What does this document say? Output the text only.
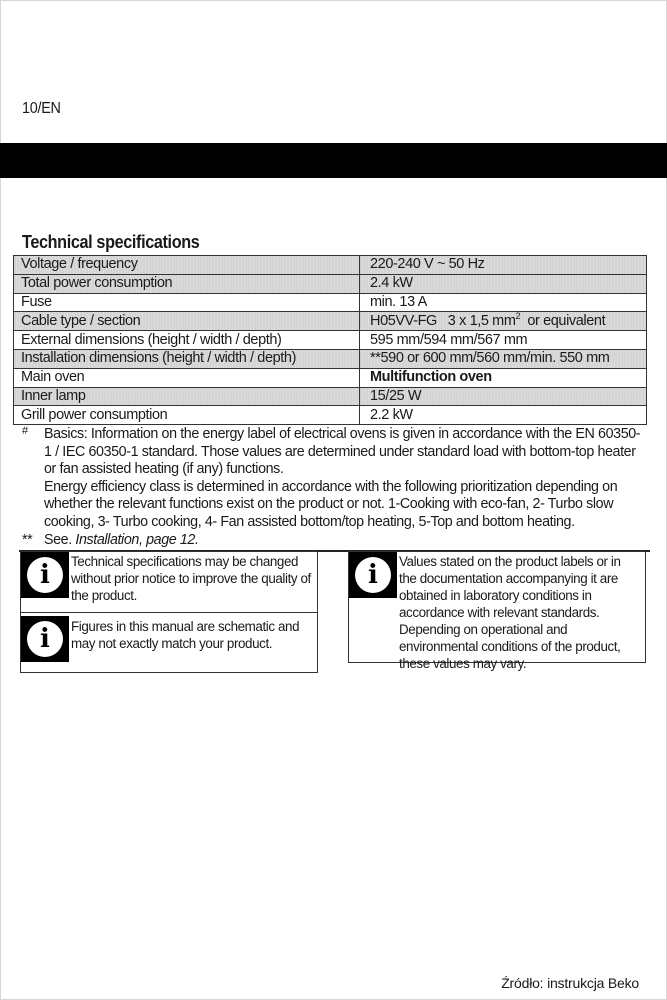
10/EN
Technical specifications
Voltage / frequency	220-240 V ~ 50 Hz
Total power consumption	2.4 kW
Fuse	min. 13 A
Cable type / section	H05VV-FG   3 x 1,5 $mm^2$  or equivalent
External dimensions (height / width / depth)	595 mm/594 mm/567 mm
Installation dimensions (height / width / depth)	**590 or 600 mm/560 mm/min. 550 mm
Main oven	Multifunction oven
Inner lamp	15/25 W
Grill power consumption	2.2 kW
# Basics: Information on the energy label of electrical ovens is given in accordance with the EN 60350-1 / IEC 60350-1 standard. Those values are determined under standard load with bottom-top heater or fan assisted heating (if any) functions.

Energy efficiency class is determined in accordance with the following prioritization depending on whether the relevant functions exist on the product or not. 1-Cooking with eco-fan, 2- Turbo slow cooking, 3- Turbo cooking, 4- Fan assisted bottom/top heating, 5-Top and bottom heating.

** See. Installation, page 12.

i	Technical specifications may be changed without prior notice to improve the quality of the product.
i	Figures in this manual are schematic and may not exactly match your product.
i	Values stated on the product labels or in the documentation accompanying it are obtained in laboratory conditions in accordance with relevant standards. Depending on operational and environmental conditions of the product, these values may vary.
Źródło: instrukcja Beko
